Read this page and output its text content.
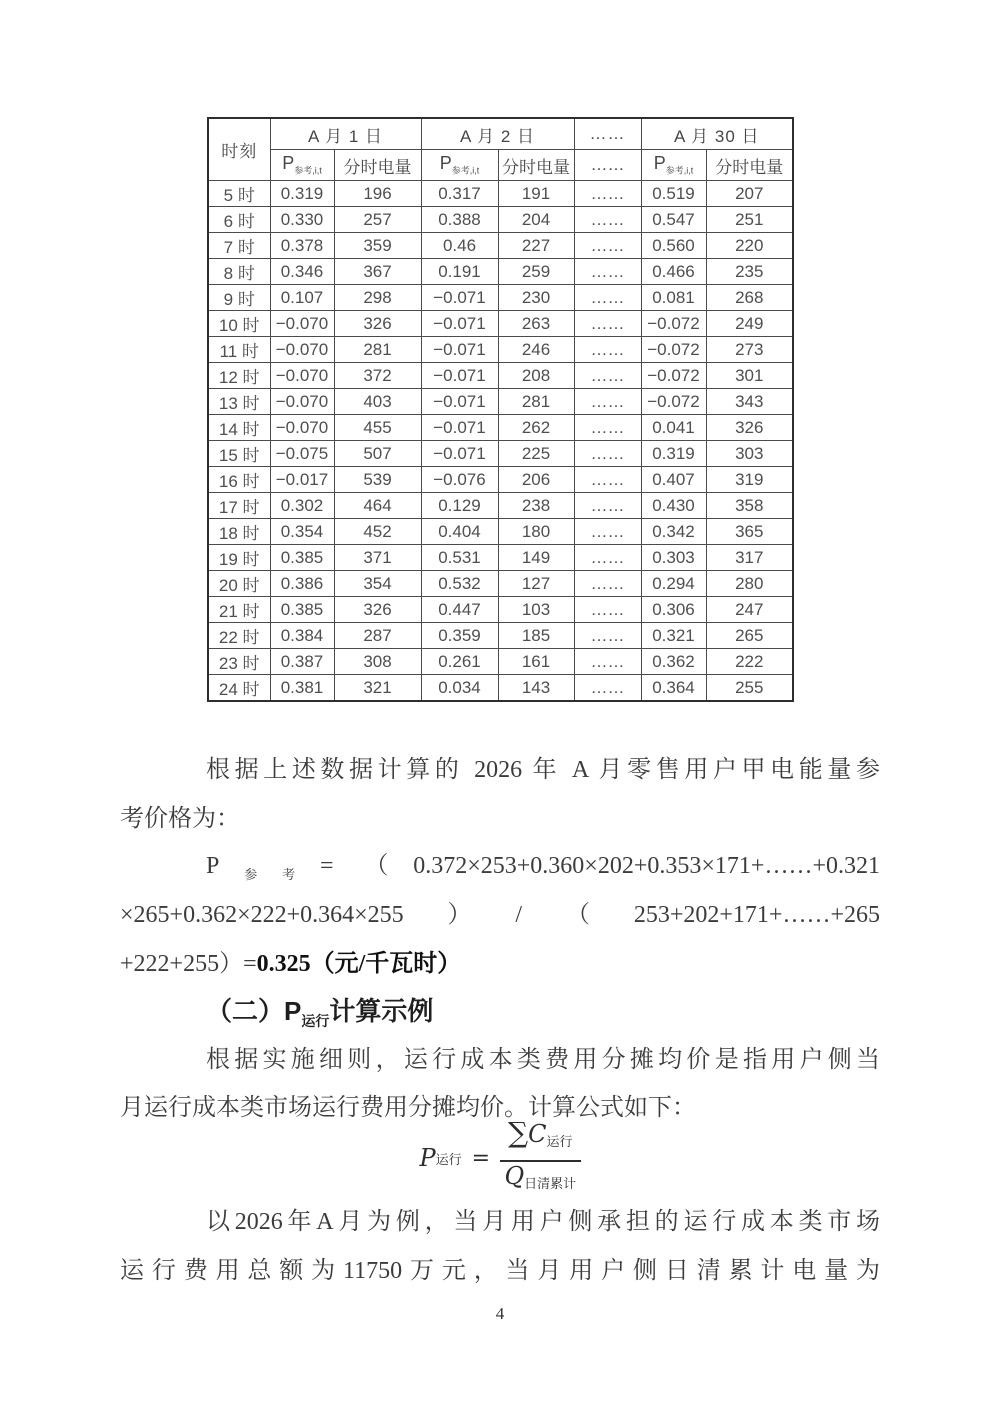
时刻	A 月 1 日		A 月 2 日		……	A 月 30 日	
	$P_{参考,i,t}$	分时电量	$P_{参考,i,t}$	分时电量	……	$P_{参考,i,t}$	分时电量
5 时	0.319	196	0.317	191	……	0.519	207
6 时	0.330	257	0.388	204	……	0.547	251
7 时	0.378	359	0.46	227	……	0.560	220
8 时	0.346	367	0.191	259	……	0.466	235
9 时	0.107	298	−0.071	230	……	0.081	268
10 时	−0.070	326	−0.071	263	……	−0.072	249
11 时	−0.070	281	−0.071	246	……	−0.072	273
12 时	−0.070	372	−0.071	208	……	−0.072	301
13 时	−0.070	403	−0.071	281	……	−0.072	343
14 时	−0.070	455	−0.071	262	……	0.041	326
15 时	−0.075	507	−0.071	225	……	0.319	303
16 时	−0.017	539	−0.076	206	……	0.407	319
17 时	0.302	464	0.129	238	……	0.430	358
18 时	0.354	452	0.404	180	……	0.342	365
19 时	0.385	371	0.531	149	……	0.303	317
20 时	0.386	354	0.532	127	……	0.294	280
21 时	0.385	326	0.447	103	……	0.306	247
22 时	0.384	287	0.359	185	……	0.321	265
23 时	0.387	308	0.261	161	……	0.362	222
24 时	0.381	321	0.034	143	……	0.364	255
根据上述数据计算的 2026 年 A 月零售用户甲电能量参
考价格为：
$P_{参考}=$ （0.372×253+0.360×202+0.353×171+……+0.321
×265+0.362×222+0.364×255）/（253+202+171+……+265
+222+255）=0.325（元/千瓦时）
（二）$P_{运行}$计算示例
根据实施细则，运行成本类费用分摊均价是指用户侧当
月运行成本类市场运行费用分摊均价。计算公式如下：
P 运行 = $\frac{\sum C_{运行}}{Q_{日清累计}}$
以2026年A月为例，当月用户侧承担的运行成本类市场
运行费用总额为11750万元，当月用户侧日清累计电量为
4
